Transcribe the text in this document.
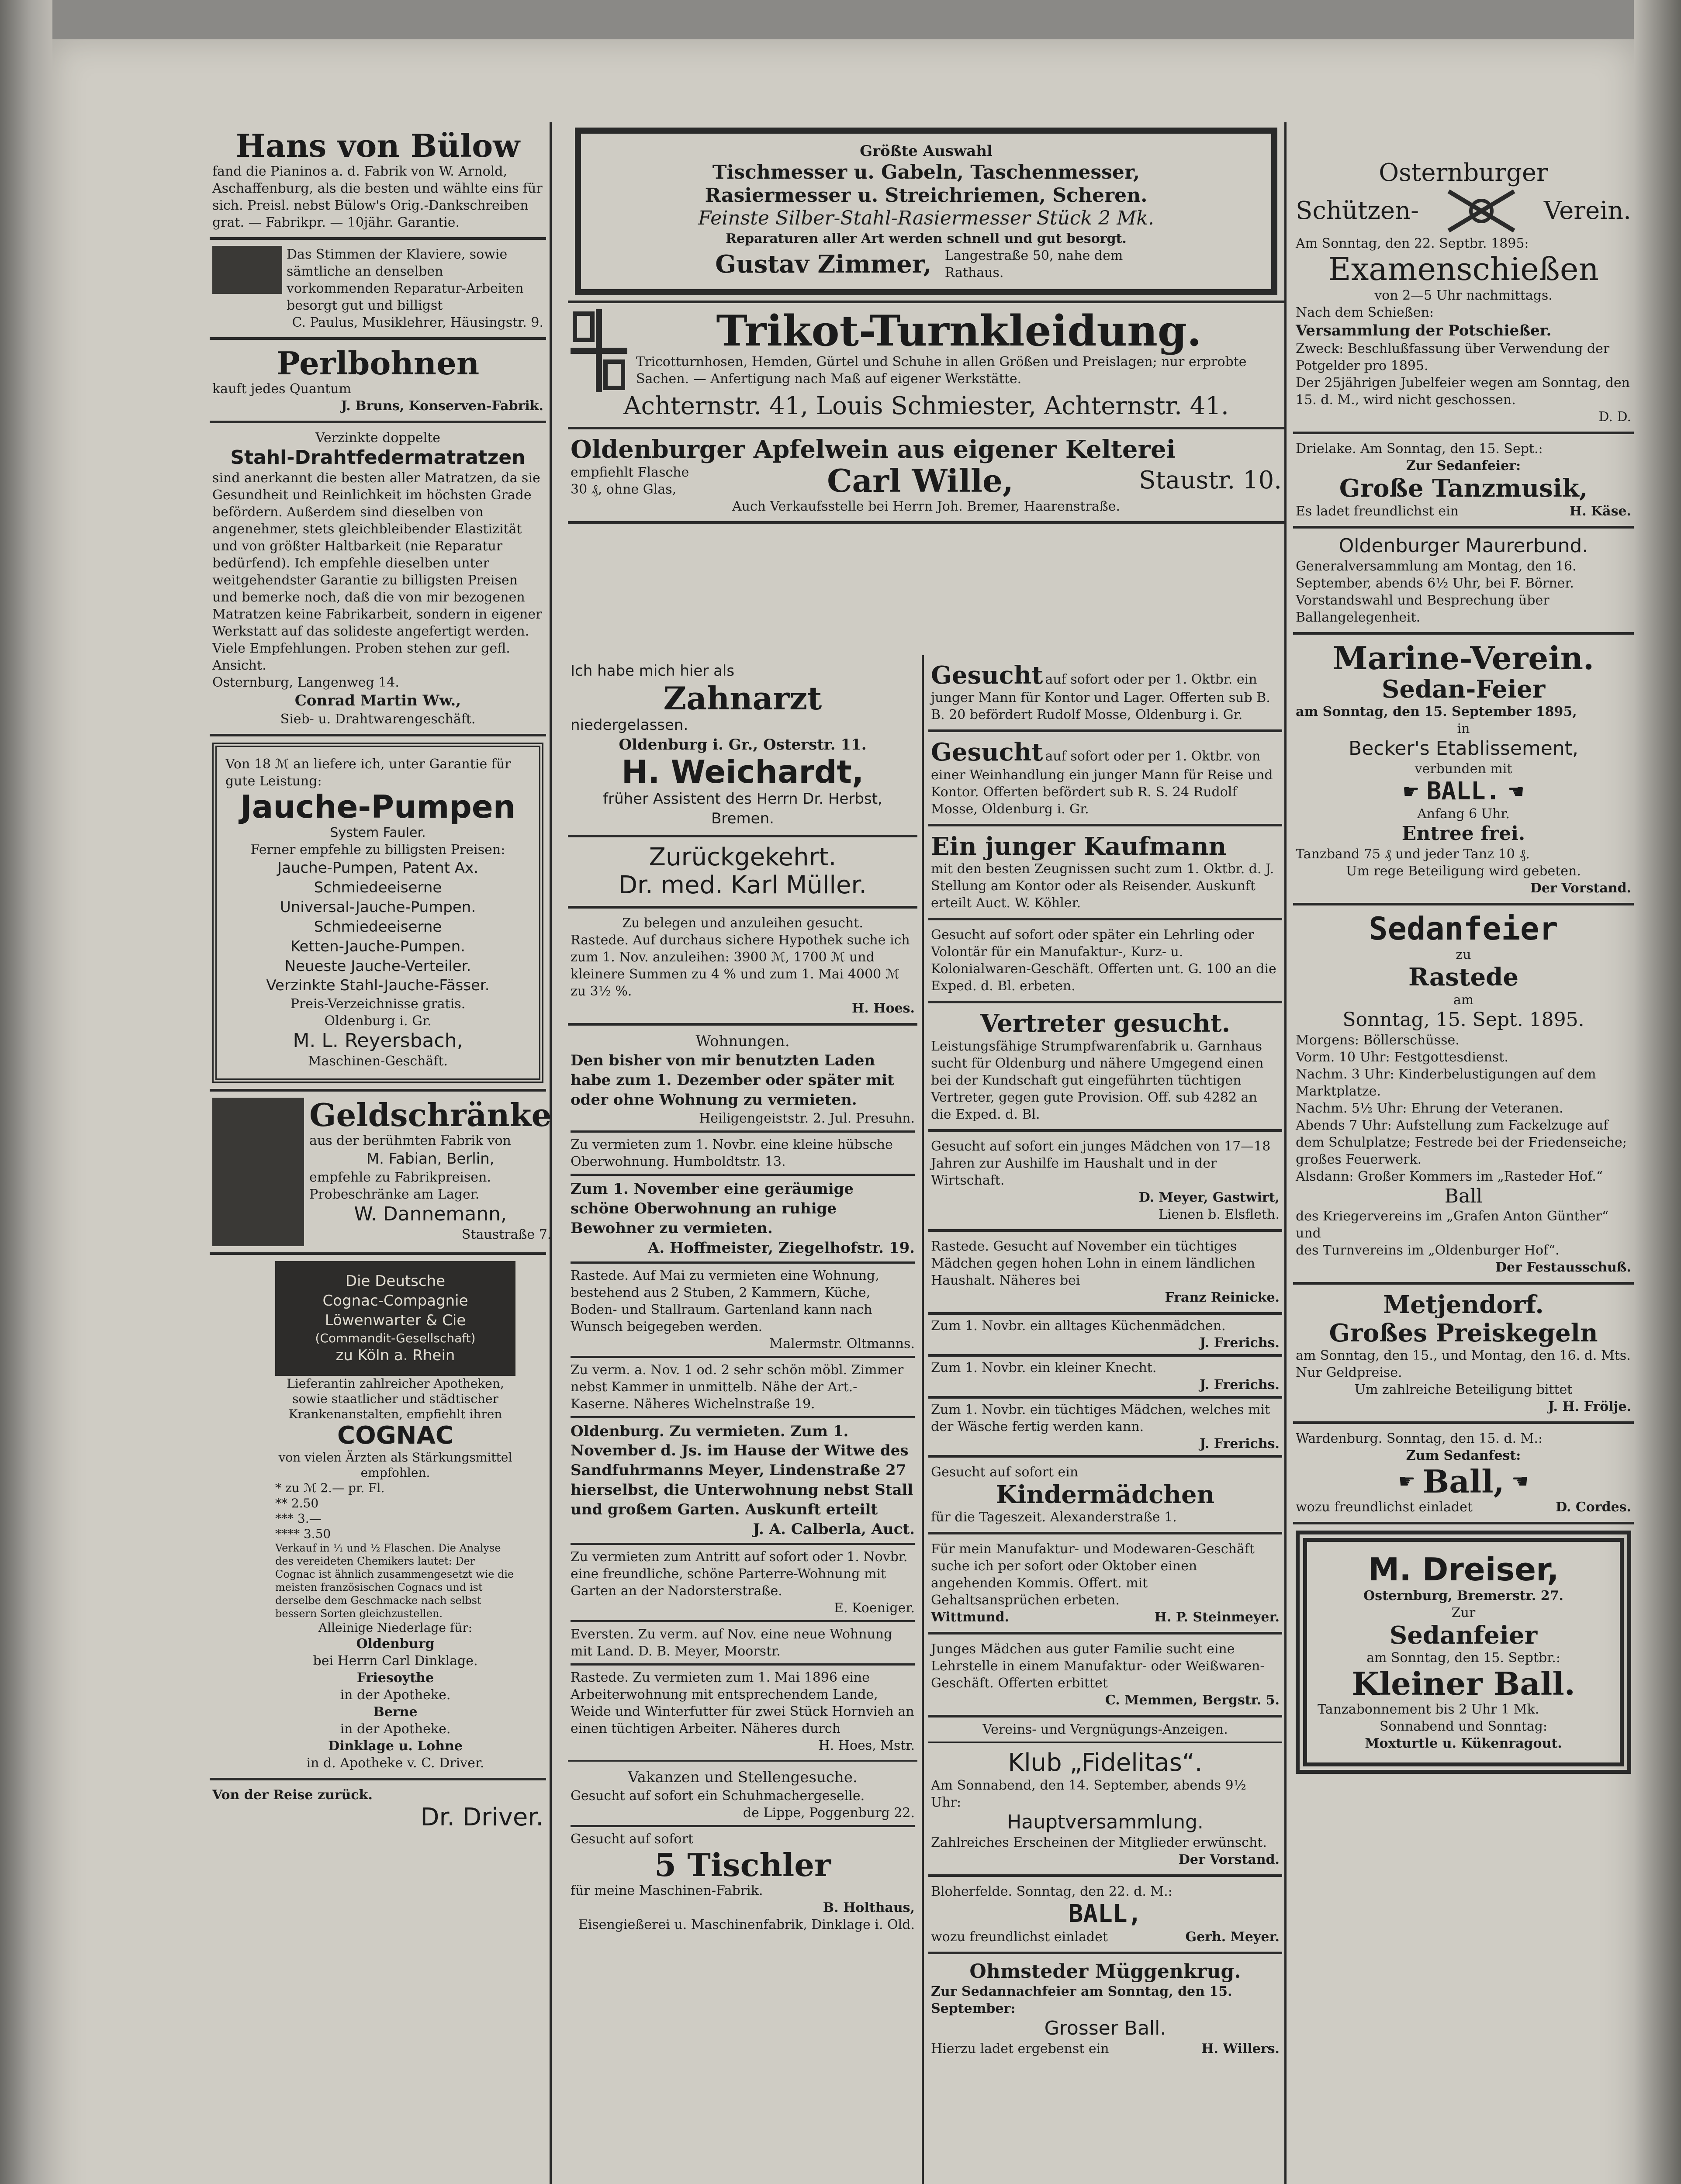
Hans von Bülow
fand die Pianinos a. d. Fabrik von W. Arnold, Aschaffenburg, als die besten und wählte eins für sich. Preisl. nebst Bülow's Orig.-Dankschreiben grat. — Fabrikpr. — 10jähr. Garantie.
Das Stimmen der Klaviere, sowie sämtliche an denselben vorkommenden Reparatur-Arbeiten besorgt gut und billigst
C. Paulus, Musiklehrer, Häusingstr. 9.
Perlbohnen
kauft jedes Quantum
J. Bruns, Konserven-Fabrik.
Verzinkte doppelte
Stahl-Drahtfedermatratzen
sind anerkannt die besten aller Matratzen, da sie Gesundheit und Reinlichkeit im höchsten Grade befördern. Außerdem sind dieselben von angenehmer, stets gleichbleibender Elastizität und von größter Haltbarkeit (nie Reparatur bedürfend). Ich empfehle dieselben unter weitgehendster Garantie zu billigsten Preisen und bemerke noch, daß die von mir bezogenen Matratzen keine Fabrikarbeit, sondern in eigener Werkstatt auf das solideste angefertigt werden. Viele Empfehlungen. Proben stehen zur gefl. Ansicht.
Osternburg, Langenweg 14.
Conrad Martin Ww.,
Sieb- u. Drahtwarengeschäft.
Von 18 ℳ an liefere ich, unter Garantie für gute Leistung:
Jauche-Pumpen
System Fauler.
Ferner empfehle zu billigsten Preisen:
Jauche-Pumpen, Patent Ax.
Schmiedeeiserne
Universal-Jauche-Pumpen.
Schmiedeeiserne
Ketten-Jauche-Pumpen.
Neueste Jauche-Verteiler.
Verzinkte Stahl-Jauche-Fässer.
Preis-Verzeichnisse gratis.
Oldenburg i. Gr.
M. L. Reyersbach,
Maschinen-Geschäft.
Geldschränke
aus der berühmten Fabrik von
M. Fabian, Berlin,
empfehle zu Fabrikpreisen. Probeschränke am Lager.
W. Dannemann,
Staustraße 7.
Die Deutsche
Cognac-Compagnie
Löwenwarter & Cie
(Commandit-Gesellschaft)
zu Köln a. Rhein
Lieferantin zahlreicher Apotheken, sowie staatlicher und städtischer Krankenanstalten, empfiehlt ihren
COGNAC
von vielen Ärzten als Stärkungsmittel empfohlen.
* zu ℳ 2.— pr. Fl.
** 2.50
*** 3.—
**** 3.50
Verkauf in ⅟₁ und ½ Flaschen. Die Analyse des vereideten Chemikers lautet: Der Cognac ist ähnlich zusammengesetzt wie die meisten französischen Cognacs und ist derselbe dem Geschmacke nach selbst bessern Sorten gleichzustellen.
Alleinige Niederlage für:
Oldenburg
bei Herrn Carl Dinklage.
Friesoythe
in der Apotheke.
Berne
in der Apotheke.
Dinklage u. Lohne
in d. Apotheke v. C. Driver.
Von der Reise zurück.
Dr. Driver.
Größte Auswahl
Tischmesser u. Gabeln, Taschenmesser,
Rasiermesser u. Streichriemen, Scheren.
Feinste Silber-Stahl-Rasiermesser Stück 2 Mk.
Reparaturen aller Art werden schnell und gut besorgt.
Gustav Zimmer, Langestraße 50, nahe dem Rathaus.
Trikot-Turnkleidung.
Tricotturnhosen, Hemden, Gürtel und Schuhe in allen Größen und Preislagen; nur erprobte Sachen. — Anfertigung nach Maß auf eigener Werkstätte.
Achternstr. 41, Louis Schmiester, Achternstr. 41.
Oldenburger Apfelwein aus eigener Kelterei
empfiehlt Flasche 30 ₰, ohne Glas,	Carl Wille,	Staustr. 10.
Auch Verkaufsstelle bei Herrn Joh. Bremer, Haarenstraße.
Ich habe mich hier als
Zahnarzt
niedergelassen.
Oldenburg i. Gr., Osterstr. 11.
H. Weichardt,
früher Assistent des Herrn Dr. Herbst, Bremen.
Zurückgekehrt.
Dr. med. Karl Müller.
Zu belegen und anzuleihen gesucht.
Rastede. Auf durchaus sichere Hypothek suche ich zum 1. Nov. anzuleihen: 3900 ℳ, 1700 ℳ und kleinere Summen zu 4 % und zum 1. Mai 4000 ℳ zu 3½ %.
H. Hoes.
Wohnungen.
Den bisher von mir benutzten Laden habe zum 1. Dezember oder später mit oder ohne Wohnung zu vermieten.
Heiligengeiststr. 2. Jul. Presuhn.
Zu vermieten zum 1. Novbr. eine kleine hübsche Oberwohnung. Humboldtstr. 13.
Zum 1. November eine geräumige schöne Oberwohnung an ruhige Bewohner zu vermieten.
A. Hoffmeister, Ziegelhofstr. 19.
Rastede. Auf Mai zu vermieten eine Wohnung, bestehend aus 2 Stuben, 2 Kammern, Küche, Boden- und Stallraum. Gartenland kann nach Wunsch beigegeben werden.
Malermstr. Oltmanns.
Zu verm. a. Nov. 1 od. 2 sehr schön möbl. Zimmer nebst Kammer in unmittelb. Nähe der Art.-Kaserne. Näheres Wichelnstraße 19.
Oldenburg. Zu vermieten. Zum 1. November d. Js. im Hause der Witwe des Sandfuhrmanns Meyer, Lindenstraße 27 hierselbst, die Unterwohnung nebst Stall und großem Garten. Auskunft erteilt
J. A. Calberla, Auct.
Zu vermieten zum Antritt auf sofort oder 1. Novbr. eine freundliche, schöne Parterre-Wohnung mit Garten an der Nadorsterstraße.
E. Koeniger.
Eversten. Zu verm. auf Nov. eine neue Wohnung mit Land. D. B. Meyer, Moorstr.
Rastede. Zu vermieten zum 1. Mai 1896 eine Arbeiterwohnung mit entsprechendem Lande, Weide und Winterfutter für zwei Stück Hornvieh an einen tüchtigen Arbeiter. Näheres durch
H. Hoes, Mstr.
Vakanzen und Stellengesuche.
Gesucht auf sofort ein Schuhmachergeselle.
de Lippe, Poggenburg 22.
Gesucht auf sofort
5 Tischler
für meine Maschinen-Fabrik.
B. Holthaus,
Eisengießerei u. Maschinenfabrik, Dinklage i. Old.
Gesucht auf sofort oder per 1. Oktbr. ein junger Mann für Kontor und Lager. Offerten sub B. B. 20 befördert Rudolf Mosse, Oldenburg i. Gr.
Gesucht auf sofort oder per 1. Oktbr. von einer Weinhandlung ein junger Mann für Reise und Kontor. Offerten befördert sub R. S. 24 Rudolf Mosse, Oldenburg i. Gr.
Ein junger Kaufmann
mit den besten Zeugnissen sucht zum 1. Oktbr. d. J. Stellung am Kontor oder als Reisender. Auskunft erteilt Auct. W. Köhler.
Gesucht auf sofort oder später ein Lehrling oder Volontär für ein Manufaktur-, Kurz- u. Kolonialwaren-Geschäft. Offerten unt. G. 100 an die Exped. d. Bl. erbeten.
Vertreter gesucht.
Leistungsfähige Strumpfwarenfabrik u. Garnhaus sucht für Oldenburg und nähere Umgegend einen bei der Kundschaft gut eingeführten tüchtigen Vertreter, gegen gute Provision. Off. sub 4282 an die Exped. d. Bl.
Gesucht auf sofort ein junges Mädchen von 17—18 Jahren zur Aushilfe im Haushalt und in der Wirtschaft.
D. Meyer, Gastwirt,
Lienen b. Elsfleth.
Rastede. Gesucht auf November ein tüchtiges Mädchen gegen hohen Lohn in einem ländlichen Haushalt. Näheres bei
Franz Reinicke.
Zum 1. Novbr. ein alltages Küchenmädchen.
J. Frerichs.
Zum 1. Novbr. ein kleiner Knecht.
J. Frerichs.
Zum 1. Novbr. ein tüchtiges Mädchen, welches mit der Wäsche fertig werden kann.
J. Frerichs.
Gesucht auf sofort ein
Kindermädchen
für die Tageszeit. Alexanderstraße 1.
Für mein Manufaktur- und Modewaren-Geschäft suche ich per sofort oder Oktober einen angehenden Kommis. Offert. mit Gehaltsansprüchen erbeten.
Wittmund.	H. P. Steinmeyer.
Junges Mädchen aus guter Familie sucht eine Lehrstelle in einem Manufaktur- oder Weißwaren-Geschäft. Offerten erbittet
C. Memmen, Bergstr. 5.
Vereins- und Vergnügungs-Anzeigen.
Klub „Fidelitas“.
Am Sonnabend, den 14. September, abends 9½ Uhr:
Hauptversammlung.
Zahlreiches Erscheinen der Mitglieder erwünscht.
Der Vorstand.
Bloherfelde. Sonntag, den 22. d. M.:
BALL,
wozu freundlichst einladet	Gerh. Meyer.
Ohmsteder Müggenkrug.
Zur Sedannachfeier am Sonntag, den 15. September:
Grosser Ball.
Hierzu ladet ergebenst ein	H. Willers.
Osternburger
Schützen-	Verein.
Am Sonntag, den 22. Septbr. 1895:
Examenschießen
von 2—5 Uhr nachmittags.
Nach dem Schießen:
Versammlung der Potschießer.
Zweck: Beschlußfassung über Verwendung der Potgelder pro 1895.
Der 25jährigen Jubelfeier wegen am Sonntag, den 15. d. M., wird nicht geschossen.
D. D.
Drielake. Am Sonntag, den 15. Sept.:
Zur Sedanfeier:
Große Tanzmusik,
Es ladet freundlichst ein	H. Käse.
Oldenburger Maurerbund.
Generalversammlung am Montag, den 16. September, abends 6½ Uhr, bei F. Börner. Vorstandswahl und Besprechung über Ballangelegenheit.
Marine-Verein.
Sedan-Feier
am Sonntag, den 15. September 1895,
in
Becker's Etablissement,
verbunden mit
☛ BALL. ☚
Anfang 6 Uhr.
Entree frei.
Tanzband 75 ₰ und jeder Tanz 10 ₰.
Um rege Beteiligung wird gebeten.
Der Vorstand.
Sedanfeier
zu
Rastede
am
Sonntag, 15. Sept. 1895.
Morgens: Böllerschüsse.
Vorm. 10 Uhr: Festgottesdienst.
Nachm. 3 Uhr: Kinderbelustigungen auf dem Marktplatze.
Nachm. 5½ Uhr: Ehrung der Veteranen.
Abends 7 Uhr: Aufstellung zum Fackelzuge auf dem Schulplatze; Festrede bei der Friedenseiche; großes Feuerwerk.
Alsdann: Großer Kommers im „Rasteder Hof.“
Ball
des Kriegervereins im „Grafen Anton Günther“ und
des Turnvereins im „Oldenburger Hof“.
Der Festausschuß.
Metjendorf.
Großes Preiskegeln
am Sonntag, den 15., und Montag, den 16. d. Mts. Nur Geldpreise.
Um zahlreiche Beteiligung bittet
J. H. Frölje.
Wardenburg. Sonntag, den 15. d. M.:
Zum Sedanfest:
☛ Ball, ☚
wozu freundlichst einladet	D. Cordes.
M. Dreiser,
Osternburg, Bremerstr. 27.
Zur
Sedanfeier
am Sonntag, den 15. Septbr.:
Kleiner Ball.
Tanzabonnement bis 2 Uhr 1 Mk.
Sonnabend und Sonntag:
Moxturtle u. Kükenragout.
